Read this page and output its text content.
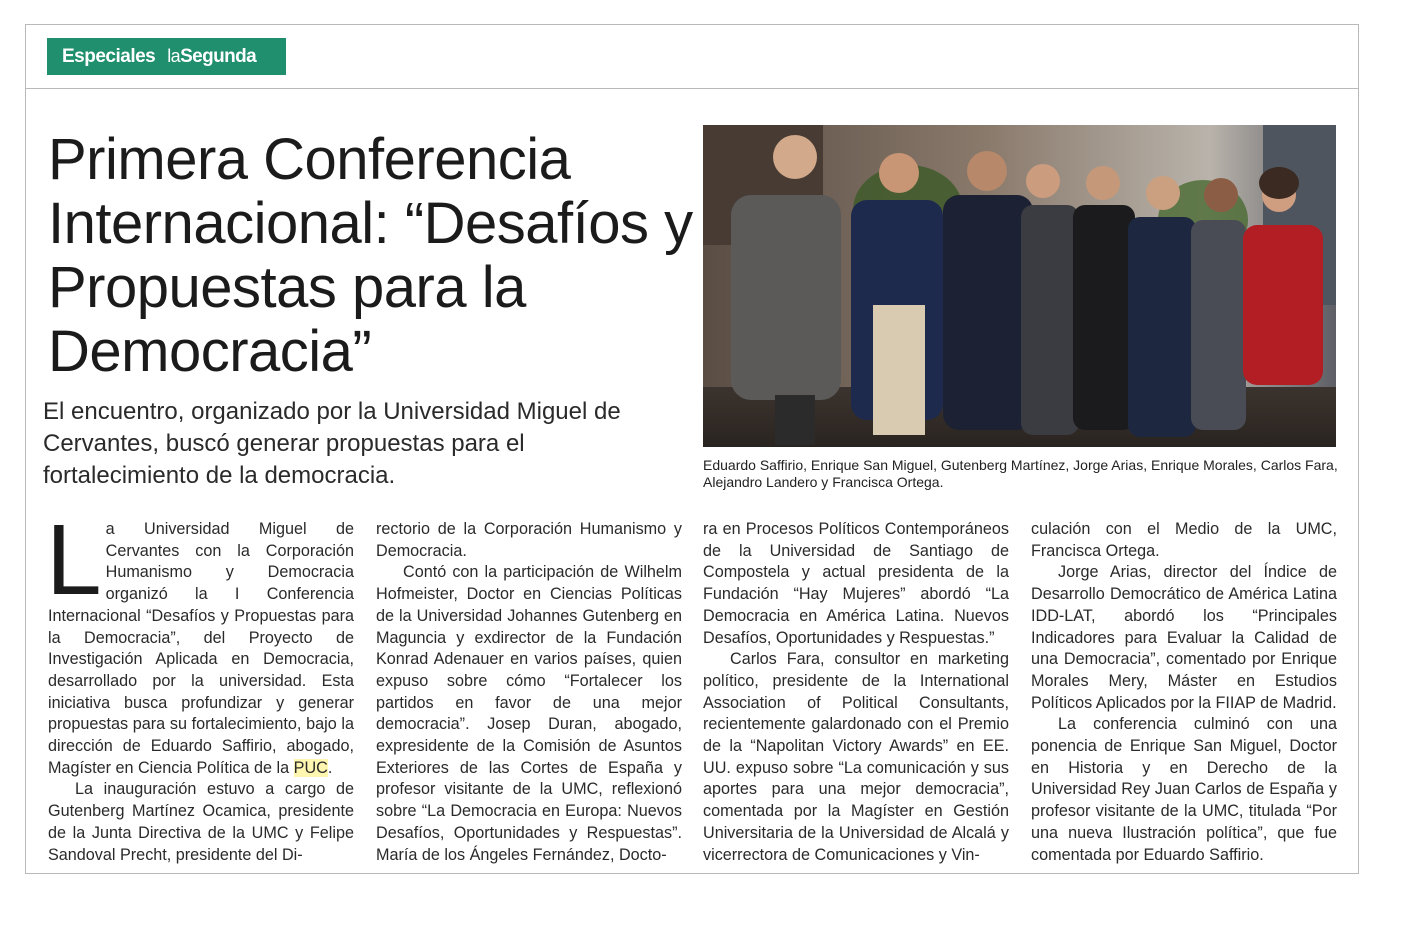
Especiales laSegunda
Primera Conferencia Internacional: “Desafíos y Propuestas para la Democracia”

El encuentro, organizado por la Universidad Miguel de Cervantes, buscó generar propuestas para el fortalecimiento de la democracia.	Eduardo Saffirio, Enrique San Miguel, Gutenberg Martínez, Jorge Arias, Enrique Morales, Carlos Fara, Alejandro Landero y Francisca Ortega.

La Universidad Miguel de Cervantes con la Corporación Humanismo y Democracia organizó la I Conferencia Internacional “Desafíos y Propuestas para la Democracia”, del Proyecto de Investigación Aplicada en Democracia, desarrollado por la universidad. Esta iniciativa busca profundizar y generar propuestas para su fortalecimiento, bajo la dirección de Eduardo Saffirio, abogado, Magíster en Ciencia Política de la PUC.

La inauguración estuvo a cargo de Gutenberg Martínez Ocamica, presidente de la Junta Directiva de la UMC y Felipe Sandoval Precht, presidente del Di-

rectorio de la Corporación Humanismo y Democracia.

Contó con la participación de Wilhelm Hofmeister, Doctor en Ciencias Políticas de la Universidad Johannes Gutenberg en Maguncia y exdirector de la Fundación Konrad Adenauer en varios países, quien expuso sobre cómo “Fortalecer los partidos en favor de una mejor democracia”. Josep Duran, abogado, expresidente de la Comisión de Asuntos Exteriores de las Cortes de España y profesor visitante de la UMC, reflexionó sobre “La Democracia en Europa: Nuevos Desafíos, Oportunidades y Respuestas”. María de los Ángeles Fernández, Docto-

ra en Procesos Políticos Contemporáneos de la Universidad de Santiago de Compostela y actual presidenta de la Fundación “Hay Mujeres” abordó “La Democracia en América Latina. Nuevos Desafíos, Oportunidades y Respuestas.”

Carlos Fara, consultor en marketing político, presidente de la International Association of Political Consultants, recientemente galardonado con el Premio de la “Napolitan Victory Awards” en EE. UU. expuso sobre “La comunicación y sus aportes para una mejor democracia”, comentada por la Magíster en Gestión Universitaria de la Universidad de Alcalá y vicerrectora de Comunicaciones y Vin-

culación con el Medio de la UMC, Francisca Ortega.

Jorge Arias, director del Índice de Desarrollo Democrático de América Latina IDD-LAT, abordó los “Principales Indicadores para Evaluar la Calidad de una Democracia”, comentado por Enrique Morales Mery, Máster en Estudios Políticos Aplicados por la FIIAP de Madrid.

La conferencia culminó con una ponencia de Enrique San Miguel, Doctor en Historia y en Derecho de la Universidad Rey Juan Carlos de España y profesor visitante de la UMC, titulada “Por una nueva Ilustración política”, que fue comentada por Eduardo Saffirio.
